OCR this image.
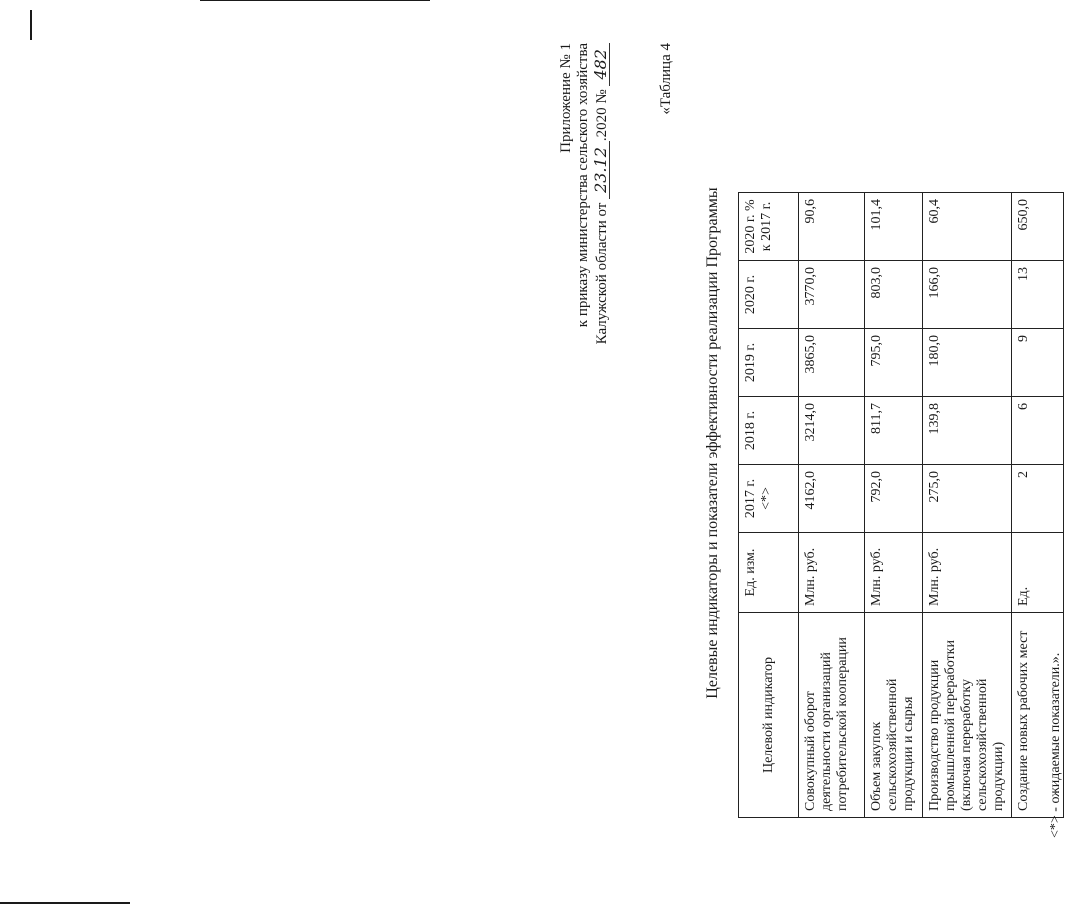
Приложение № 1 к приказу министерства сельского хозяйства Калужской области от 23.12.2020 № 482	«Таблица 4
Целевые индикаторы и показатели эффективности реализации Программы
Целевой индикатор	Ед. изм.	2017 г. <*>	2018 г.	2019 г.	2020 г.	2020 г. % к 2017 г.
Совокупный оборот деятельности организаций потребительской кооперации	Млн. руб.	4162,0	3214,0	3865,0	3770,0	90,6
Объем закупок сельскохозяйственной продукции и сырья	Млн. руб.	792,0	811,7	795,0	803,0	101,4
Производство продукции промышленной переработки (включая переработку сельскохозяйственной продукции)	Млн. руб.	275,0	139,8	180,0	166,0	60,4
Создание новых рабочих мест	Ед.	2	6	9	13	650,0
<*> - ожидаемые показатели.».
